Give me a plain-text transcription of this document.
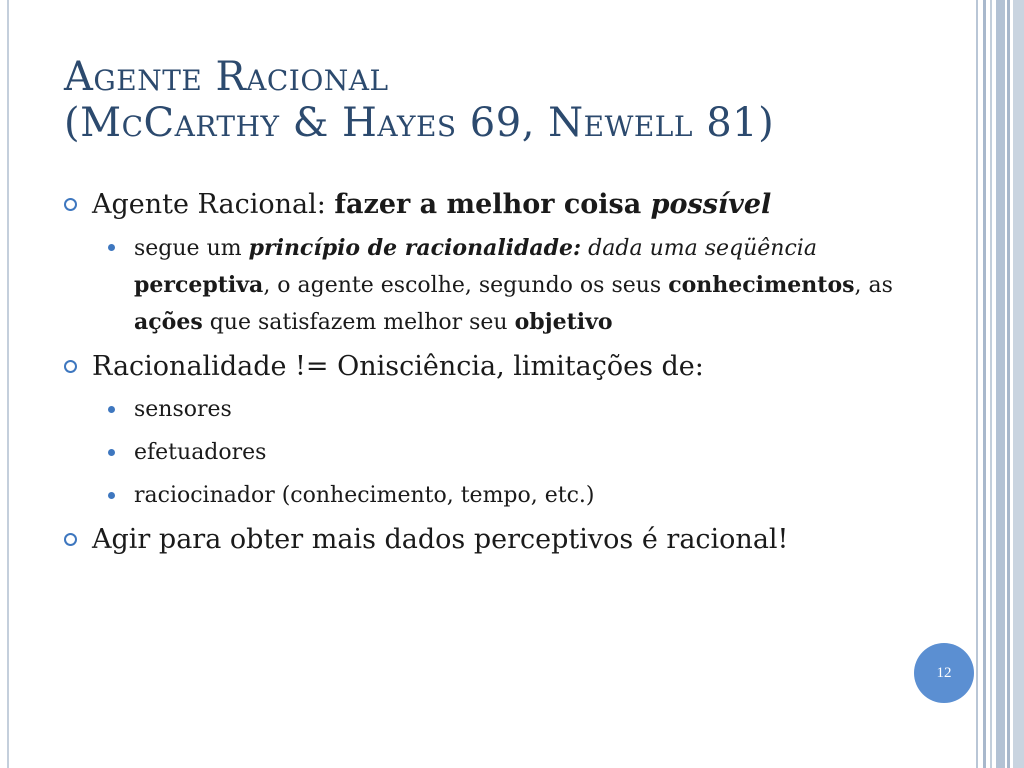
Agente Racional
(McCarthy & Hayes 69, Newell 81)
Agente Racional: fazer a melhor coisa possível
segue um princípio de racionalidade: dada uma seqüência perceptiva, o agente escolhe, segundo os seus conhecimentos, as ações que satisfazem melhor seu objetivo
Racionalidade != Onisciência, limitações de:
sensores
efetuadores
raciocinador (conhecimento, tempo, etc.)
Agir para obter mais dados perceptivos é racional!
12
